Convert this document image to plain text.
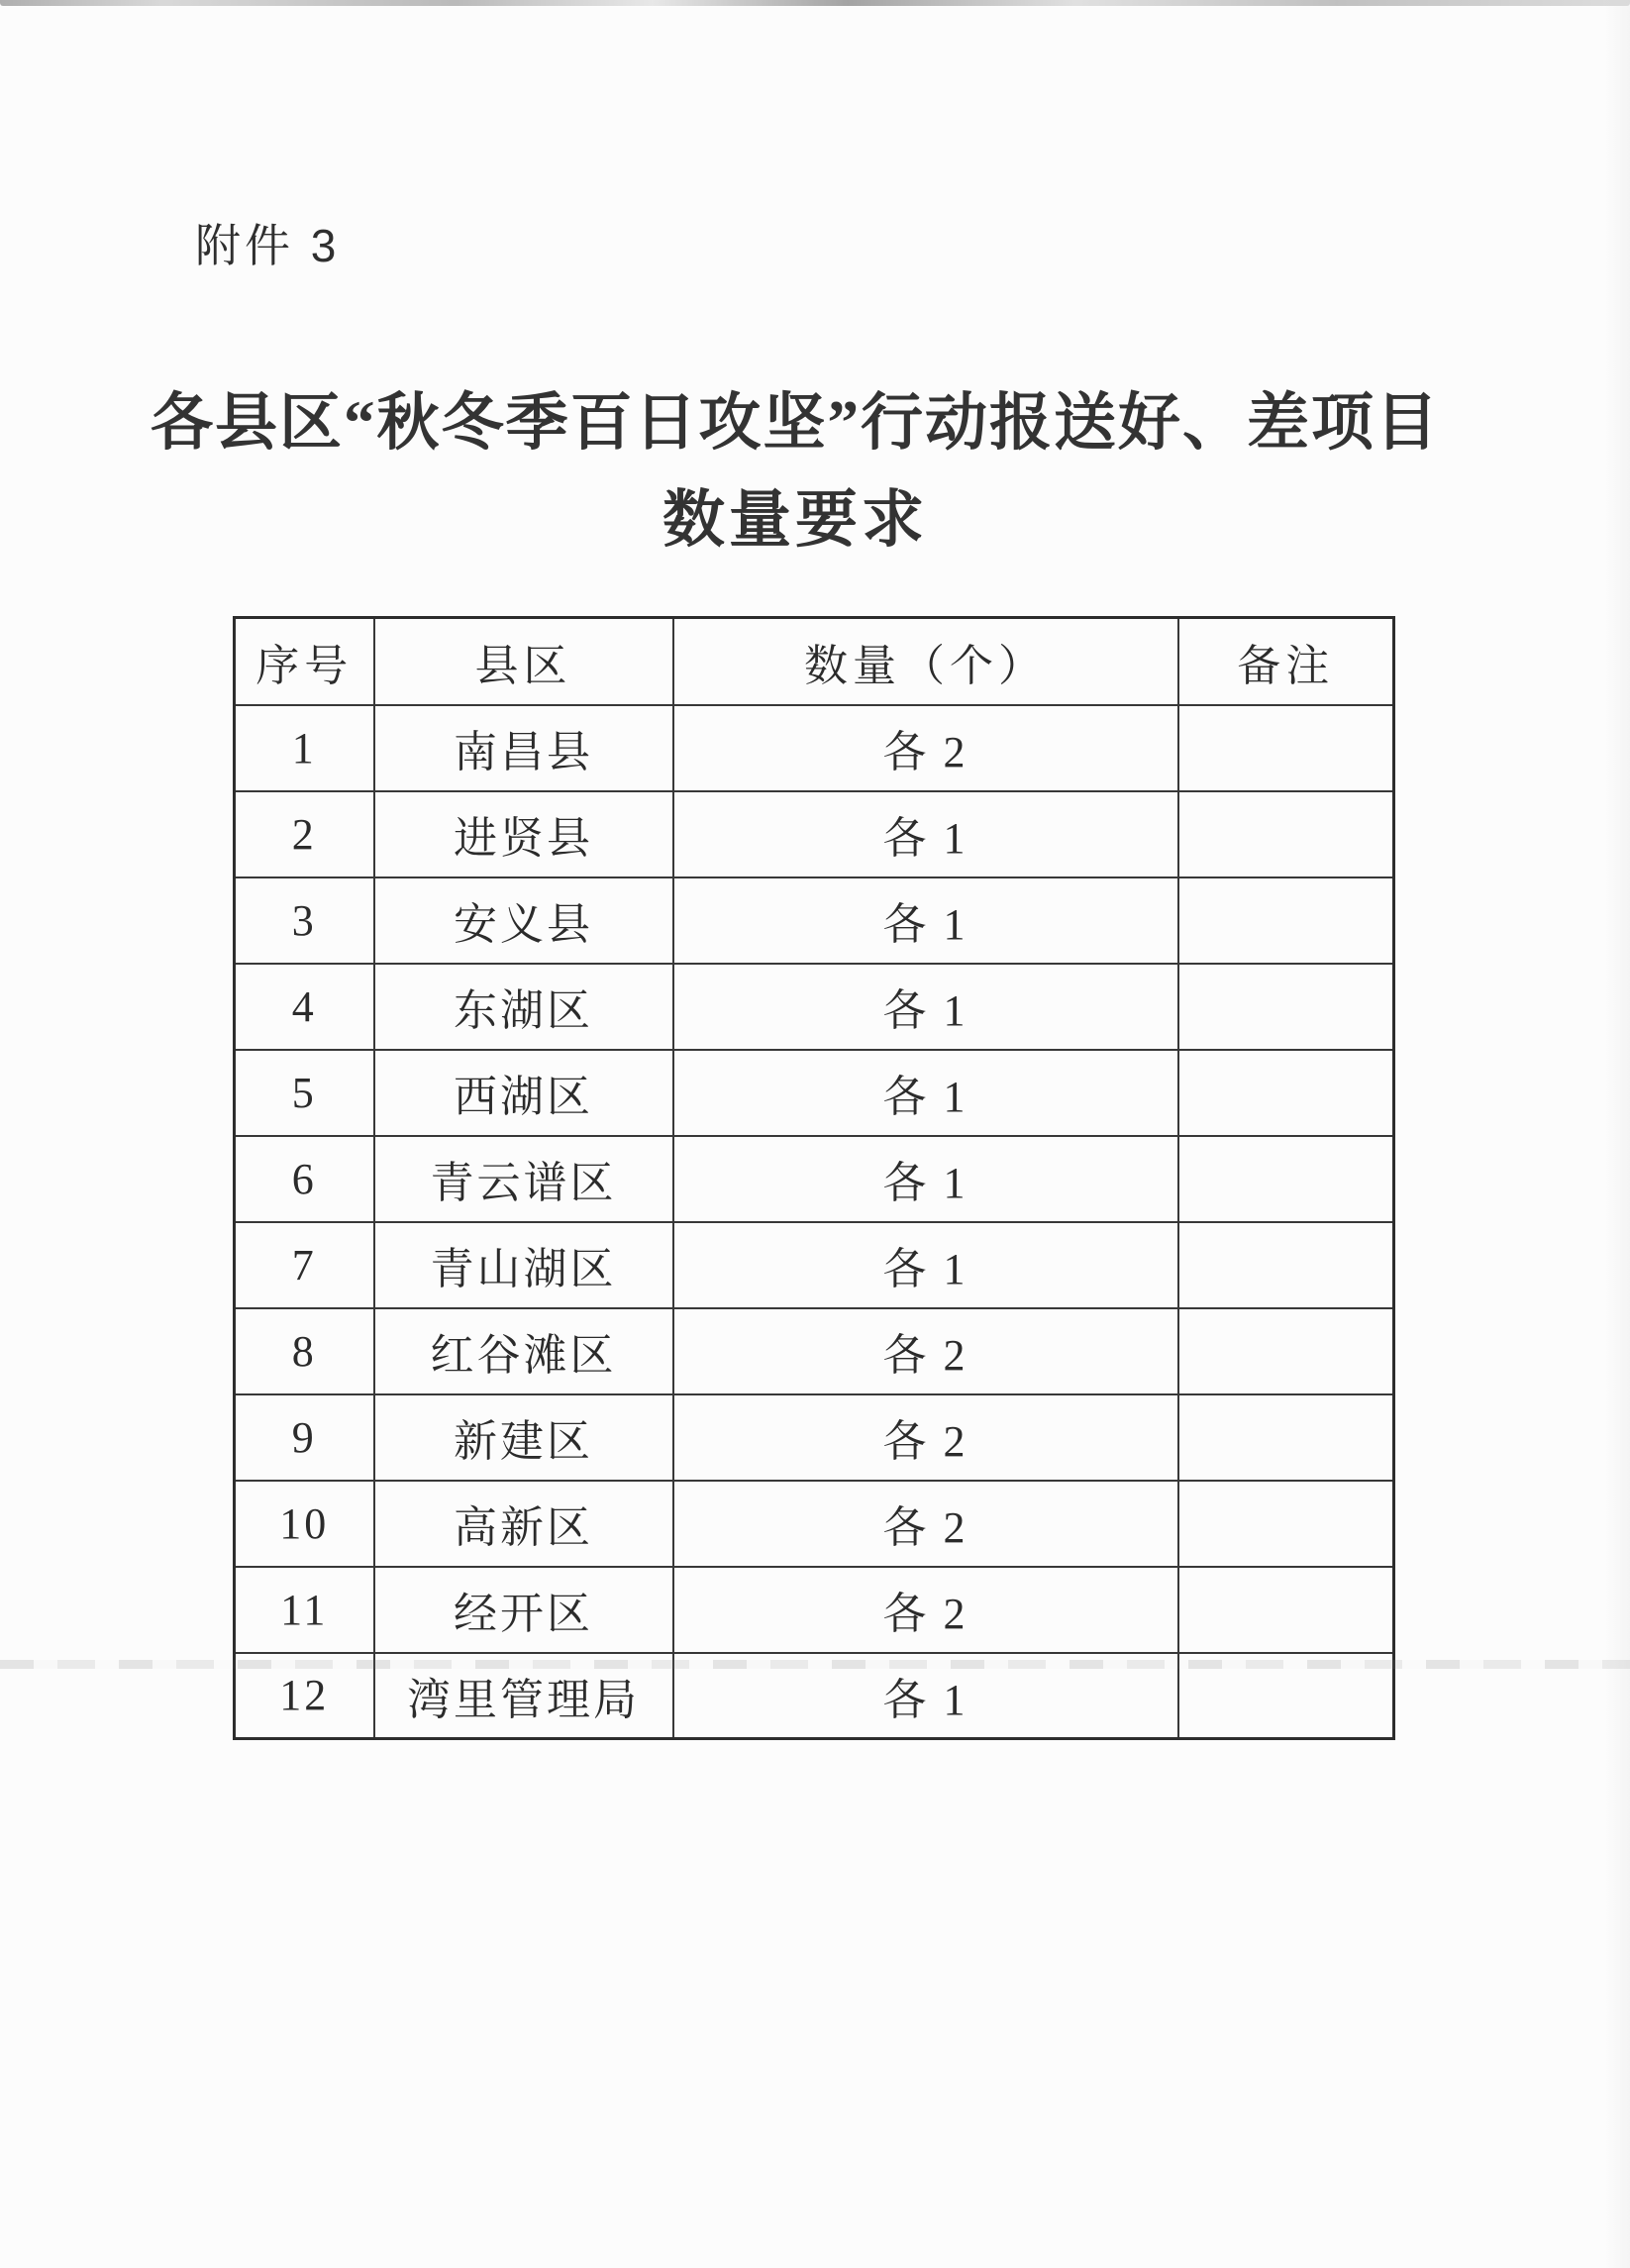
附件 3
各县区“秋冬季百日攻坚”行动报送好、差项目
数量要求
序号	县区	数量（个）	备注
1	南昌县	各 2	
2	进贤县	各 1	
3	安义县	各 1	
4	东湖区	各 1	
5	西湖区	各 1	
6	青云谱区	各 1	
7	青山湖区	各 1	
8	红谷滩区	各 2	
9	新建区	各 2	
10	高新区	各 2	
11	经开区	各 2	
12	湾里管理局	各 1	
